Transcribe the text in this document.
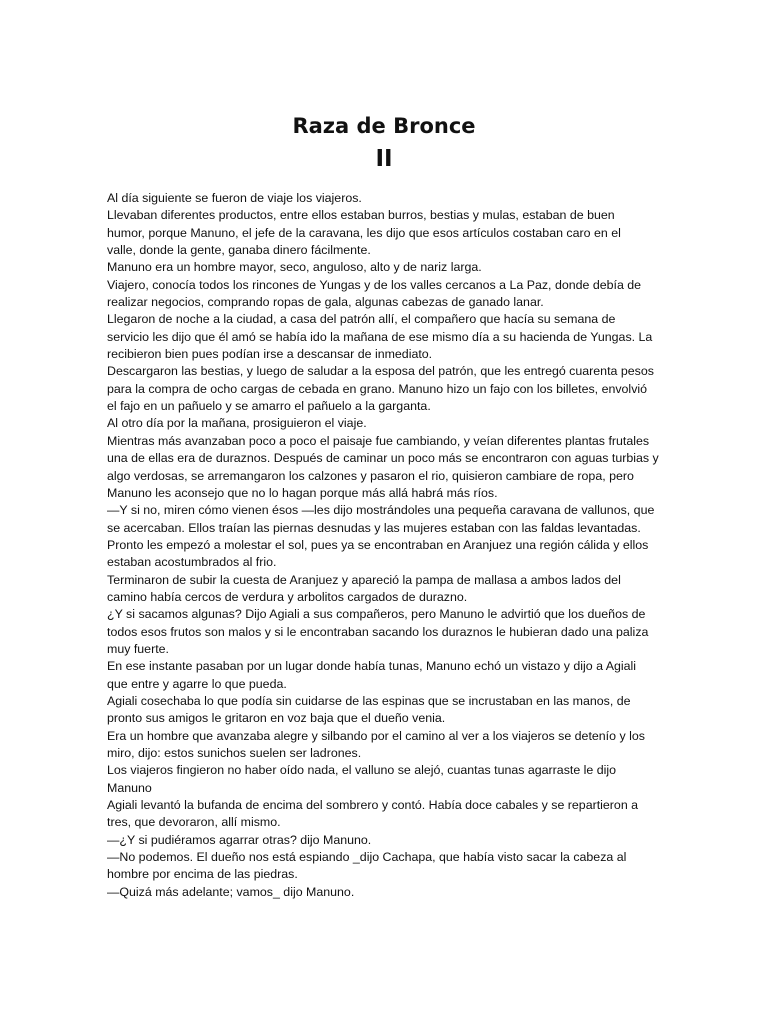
Raza de Bronce
II
Al día siguiente se fueron de viaje los viajeros.
Llevaban diferentes productos, entre ellos estaban burros, bestias y mulas, estaban de buen
humor, porque Manuno, el jefe de la caravana, les dijo que esos artículos costaban caro en el
valle, donde la gente, ganaba dinero fácilmente.
Manuno era un hombre mayor, seco, anguloso, alto y de nariz larga.
Viajero, conocía todos los rincones de Yungas y de los valles cercanos a La Paz, donde debía de
realizar negocios, comprando ropas de gala, algunas cabezas de ganado lanar.
Llegaron de noche a la ciudad, a casa del patrón allí, el compañero que hacía su semana de
servicio les dijo que él amó se había ido la mañana de ese mismo día a su hacienda de Yungas. La
recibieron bien pues podían irse a descansar de inmediato.
Descargaron las bestias, y luego de saludar a la esposa del patrón, que les entregó cuarenta pesos
para la compra de ocho cargas de cebada en grano. Manuno hizo un fajo con los billetes, envolvió
el fajo en un pañuelo y se amarro el pañuelo a la garganta.
Al otro día por la mañana, prosiguieron el viaje.
Mientras más avanzaban poco a poco el paisaje fue cambiando, y veían diferentes plantas frutales
una de ellas era de duraznos. Después de caminar un poco más se encontraron con aguas turbias y
algo verdosas, se arremangaron los calzones y pasaron el rio, quisieron cambiare de ropa, pero
Manuno les aconsejo que no lo hagan porque más allá habrá más ríos.
—Y si no, miren cómo vienen ésos —les dijo mostrándoles una pequeña caravana de vallunos, que
se acercaban. Ellos traían las piernas desnudas y las mujeres estaban con las faldas levantadas.
Pronto les empezó a molestar el sol, pues ya se encontraban en Aranjuez una región cálida y ellos
estaban acostumbrados al frio.
Terminaron de subir la cuesta de Aranjuez y apareció la pampa de mallasa a ambos lados del
camino había cercos de verdura y arbolitos cargados de durazno.
¿Y si sacamos algunas? Dijo Agiali a sus compañeros, pero Manuno le advirtió que los dueños de
todos esos frutos son malos y si le encontraban sacando los duraznos le hubieran dado una paliza
muy fuerte.
En ese instante pasaban por un lugar donde había tunas, Manuno echó un vistazo y dijo a Agiali
que entre y agarre lo que pueda.
Agiali cosechaba lo que podía sin cuidarse de las espinas que se incrustaban en las manos, de
pronto sus amigos le gritaron en voz baja que el dueño venia.
Era un hombre que avanzaba alegre y silbando por el camino al ver a los viajeros se detenío y los
miro, dijo: estos sunichos suelen ser ladrones.
Los viajeros fingieron no haber oído nada, el valluno se alejó, cuantas tunas agarraste le dijo
Manuno
Agiali levantó la bufanda de encima del sombrero y contó. Había doce cabales y se repartieron a
tres, que devoraron, allí mismo.
—¿Y si pudiéramos agarrar otras? dijo Manuno.
—No podemos. El dueño nos está espiando _dijo Cachapa, que había visto sacar la cabeza al
hombre por encima de las piedras.
—Quizá más adelante; vamos_ dijo Manuno.
